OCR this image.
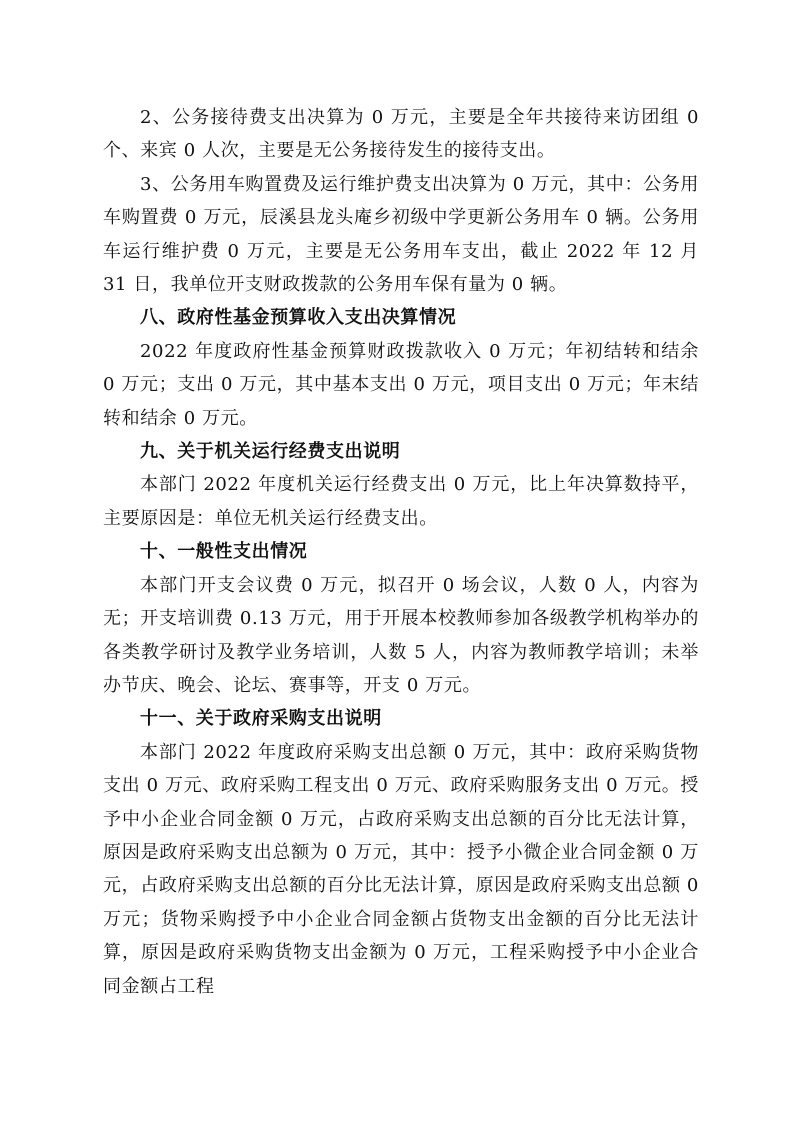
2、公务接待费支出决算为 0 万元，主要是全年共接待来访团组 0 个、来宾 0 人次，主要是无公务接待发生的接待支出。

3、公务用车购置费及运行维护费支出决算为 0 万元，其中：公务用车购置费 0 万元，辰溪县龙头庵乡初级中学更新公务用车 0 辆。公务用车运行维护费 0 万元，主要是无公务用车支出，截止 2022 年 12 月 31 日，我单位开支财政拨款的公务用车保有量为 0 辆。

八、政府性基金预算收入支出决算情况

2022 年度政府性基金预算财政拨款收入 0 万元；年初结转和结余 0 万元；支出 0 万元，其中基本支出 0 万元，项目支出 0 万元；年末结转和结余 0 万元。

九、关于机关运行经费支出说明

本部门 2022 年度机关运行经费支出 0 万元，比上年决算数持平，主要原因是：单位无机关运行经费支出。

十、一般性支出情况

本部门开支会议费 0 万元，拟召开 0 场会议，人数 0 人，内容为无；开支培训费 0.13 万元，用于开展本校教师参加各级教学机构举办的各类教学研讨及教学业务培训，人数 5 人，内容为教师教学培训；未举办节庆、晚会、论坛、赛事等，开支 0 万元。

十一、关于政府采购支出说明

本部门 2022 年度政府采购支出总额 0 万元，其中：政府采购货物支出 0 万元、政府采购工程支出 0 万元、政府采购服务支出 0 万元。授予中小企业合同金额 0 万元，占政府采购支出总额的百分比无法计算，原因是政府采购支出总额为 0 万元，其中：授予小微企业合同金额 0 万元，占政府采购支出总额的百分比无法计算，原因是政府采购支出总额 0 万元；货物采购授予中小企业合同金额占货物支出金额的百分比无法计算，原因是政府采购货物支出金额为 0 万元，工程采购授予中小企业合同金额占工程
